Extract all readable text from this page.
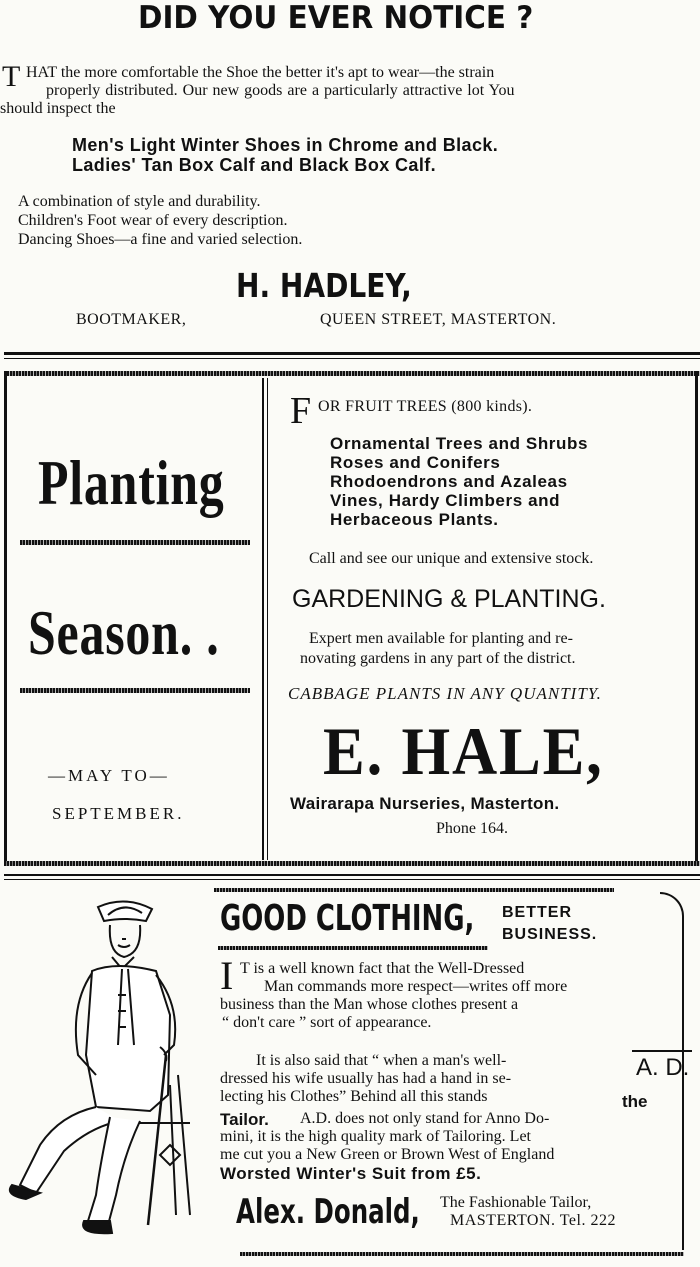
DID YOU EVER NOTICE ?
T HAT the more comfortable the Shoe the better it's apt to wear—the strain
properly distributed. Our new goods are a particularly attractive lot You
should inspect the
Men's Light Winter Shoes in Chrome and Black.
Ladies' Tan Box Calf and Black Box Calf.

A combination of style and durability.

Children's Foot wear of every description.

Dancing Shoes—a fine and varied selection.

H. HADLEY,
BOOTMAKER,	QUEEN STREET, MASTERTON.
Planting
Season. .
—MAY TO—
SEPTEMBER.
F OR FRUIT TREES (800 kinds).

Ornamental Trees and Shrubs

Roses and Conifers

Rhodoendrons and Azaleas

Vines, Hardy Climbers and

Herbaceous Plants.

Call and see our unique and extensive stock.
GARDENING & PLANTING.
Expert men available for planting and re-
novating gardens in any part of the district.
CABBAGE PLANTS IN ANY QUANTITY.
E. HALE,
Wairarapa Nurseries, Masterton.
Phone 164.
GOOD CLOTHING, BETTER
BUSINESS.
I T is a well known fact that the Well-Dressed
Man commands more respect—writes off more
business than the Man whose clothes present a
“ don't care ” sort of appearance.
It is also said that “ when a man's well-
dressed his wife usually has had a hand in se-
lecting his Clothes” Behind all this stands	the
A. D.
Tailor. A.D. does not only stand for Anno Do-
mini, it is the high quality mark of Tailoring. Let
me cut you a New Green or Brown West of England
Worsted Winter's Suit from £5.
Alex. Donald, The Fashionable Tailor,
MASTERTON. Tel. 222
